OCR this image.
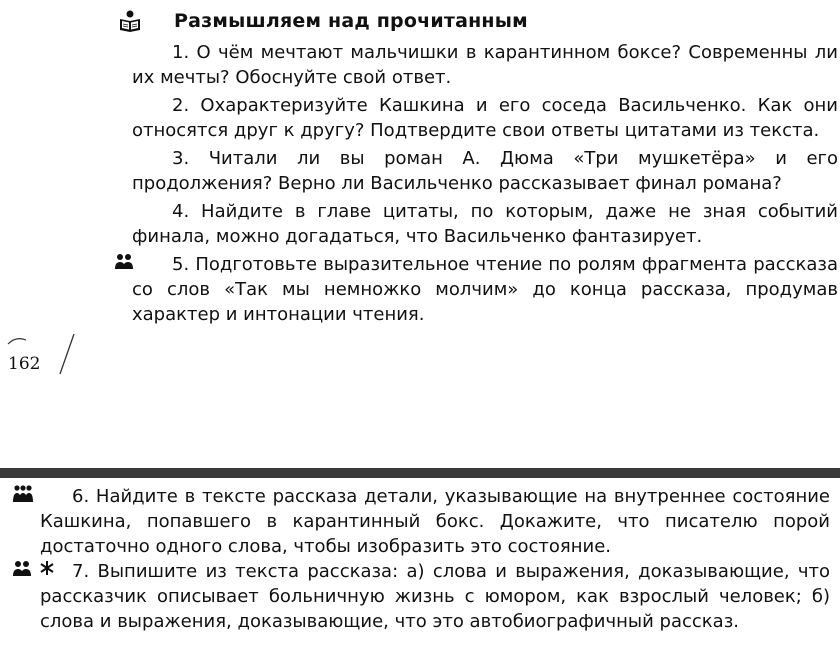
Размышляем над прочитанным

1. О чём мечтают мальчишки в карантинном боксе? Современны ли их мечты? Обоснуйте свой ответ.

2. Охарактеризуйте Кашкина и его соседа Васильченко. Как они относятся друг к другу? Подтвердите свои ответы цитатами из текста.

3. Читали ли вы роман А. Дюма «Три мушкетёра» и его продолжения? Верно ли Васильченко рассказывает финал романа?

4. Найдите в главе цитаты, по которым, даже не зная событий финала, можно догадаться, что Васильченко фантазирует.

5. Подготовьте выразительное чтение по ролям фрагмента рассказа со слов «Так мы немножко молчим» до конца рассказа, продумав характер и интонации чтения.

162

6. Найдите в тексте рассказа детали, указывающие на внутреннее состояние Кашкина, попавшего в карантинный бокс. Докажите, что писателю порой достаточно одного слова, чтобы изобразить это состояние.

7. Выпишите из текста рассказа: а) слова и выражения, доказывающие, что рассказчик описывает больничную жизнь с юмором, как взрослый человек; б) слова и выражения, доказывающие, что это автобиографичный рассказ.
